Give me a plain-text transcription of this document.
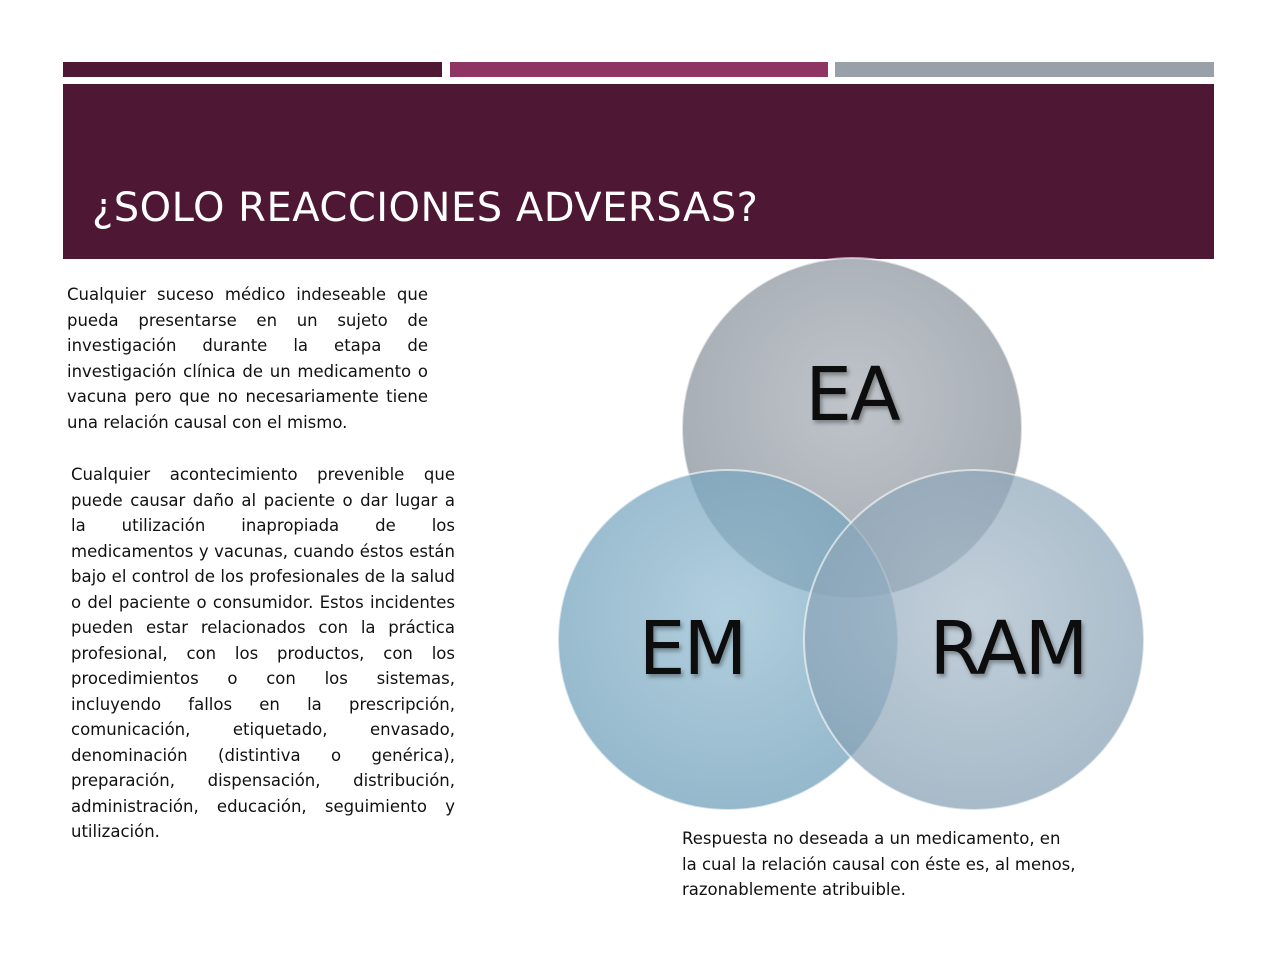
¿SOLO REACCIONES ADVERSAS?

Cualquier suceso médico indeseable que pueda presentarse en un sujeto de investigación durante la etapa de investigación clínica de un medicamento o vacuna pero que no necesariamente tiene una relación causal con el mismo.

Cualquier acontecimiento prevenible que puede causar daño al paciente o dar lugar a la utilización inapropiada de los medicamentos y vacunas, cuando éstos están bajo el control de los profesionales de la salud o del paciente o consumidor. Estos incidentes pueden estar relacionados con la práctica profesional, con los productos, con los procedimientos o con los sistemas, incluyendo fallos en la prescripción, comunicación, etiquetado, envasado, denominación (distintiva o genérica), preparación, dispensación, distribución, administración, educación, seguimiento y utilización.	Respuesta no deseada a un medicamento, en la cual la relación causal con éste es, al menos, razonablemente atribuible.

EA
EM RAM
